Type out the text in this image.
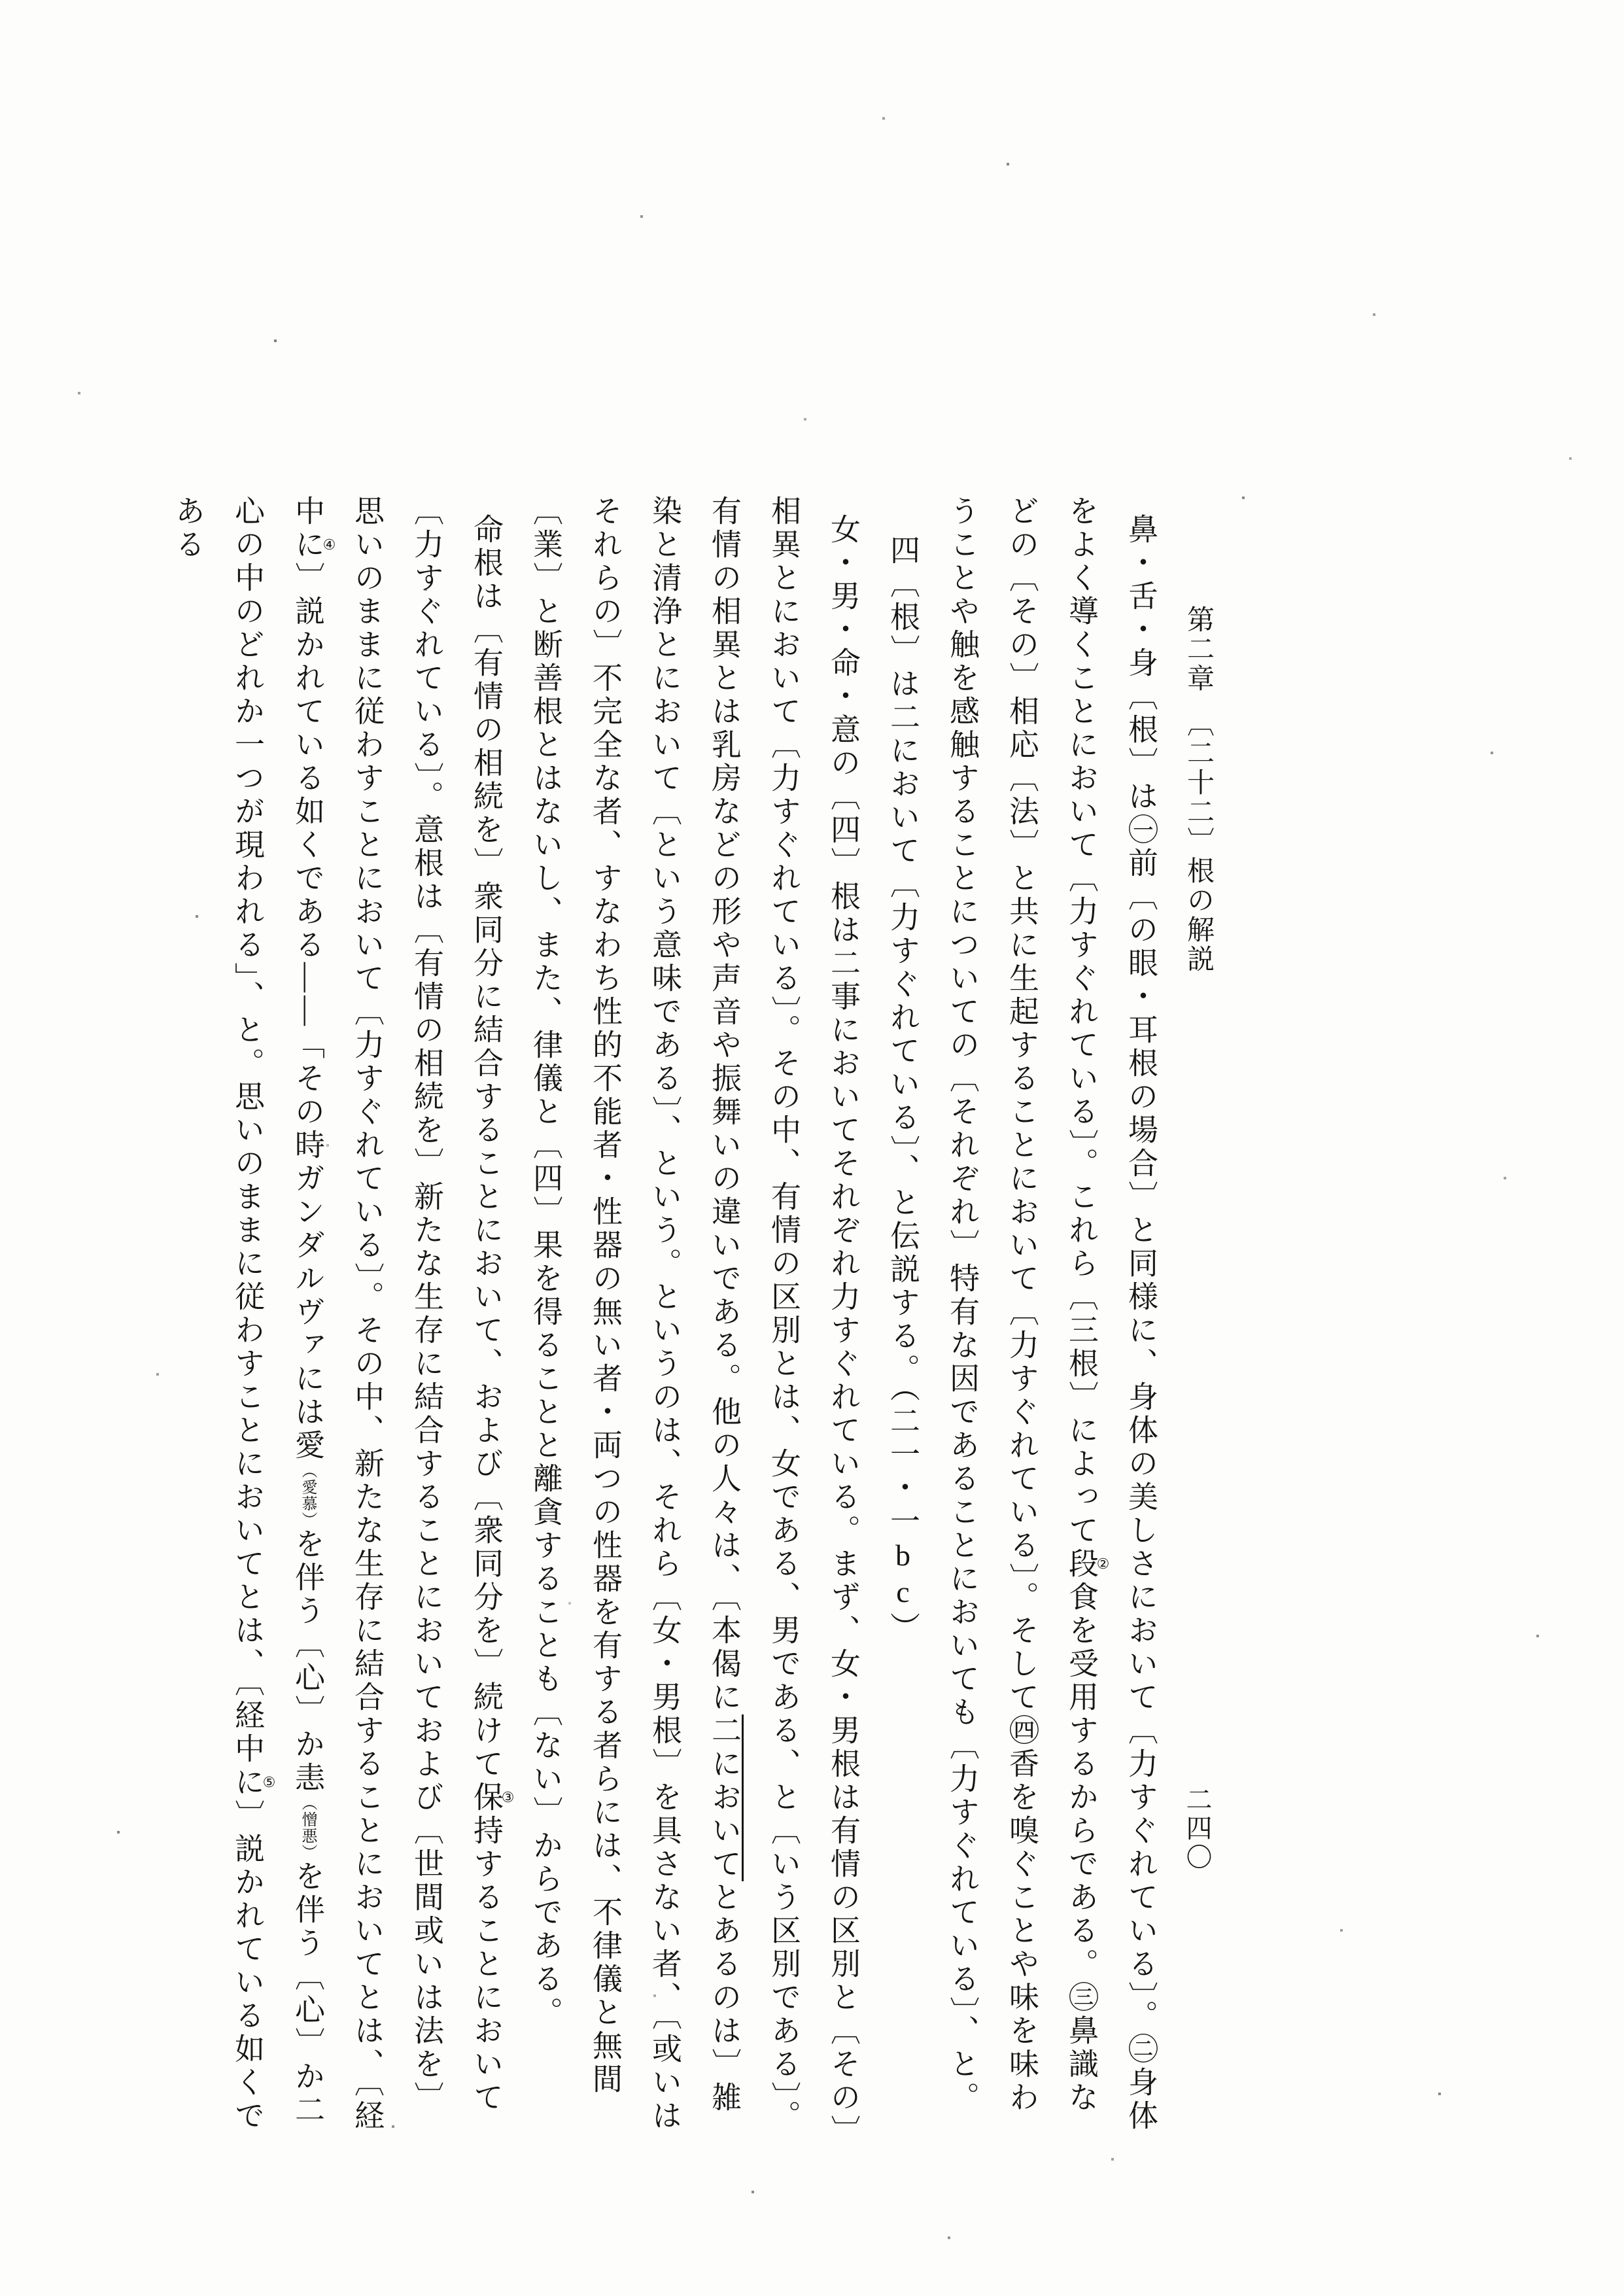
第二章　〔二十二〕根の解説
二四〇

鼻・舌・身〔根〕は㊀前〔の眼・耳根の場合〕と同様に、身体の美しさにおいて〔力すぐれている〕。㊁身体をよく導くことにおいて〔力すぐれている〕。これら〔三根〕によって段②食を受用するからである。㊂鼻識などの〔その〕相応〔法〕と共に生起することにおいて〔力すぐれている〕。そして㊃香を嗅ぐことや味を味わうことや触を感触することについての〔それぞれ〕特有な因であることにおいても〔力すぐれている〕、と。

四〔根〕は二において〔力すぐれている〕、と伝説する。（二一・一bc）

女・男・命・意の〔四〕根は二事においてそれぞれ力すぐれている。まず、女・男根は有情の区別と〔その〕相異とにおいて〔力すぐれている〕。その中、有情の区別とは、女である、男である、と〔いう区別である〕。有情の相異とは乳房などの形や声音や振舞いの違いである。他の人々は、〔本偈に二においてとあるのは〕雑染と清浄とにおいて〔という意味である〕、という。というのは、それら〔女・男根〕を具さない者、〔或いはそれらの〕不完全な者、すなわち性的不能者・性器の無い者・両つの性器を有する者らには、不律儀と無間〔業〕と断善根とはないし、また、律儀と〔四〕果を得ることと離貪することも〔ない〕からである。

命根は〔有情の相続を〕衆同分に結合することにおいて、および〔衆同分を〕続けて保③持することにおいて〔力すぐれている〕。意根は〔有情の相続を〕新たな生存に結合することにおいておよび〔世間或いは法を〕思いのままに従わすことにおいて〔力すぐれている〕。その中、新たな生存に結合することにおいてとは、〔経中に④〕説かれている如くである——「その時ガンダルヴァには愛（愛慕）を伴う〔心〕か恚（憎悪）を伴う〔心〕か二心の中のどれか一つが現われる」、と。思いのままに従わすことにおいてとは、〔経中に⑤〕説かれている如くである
